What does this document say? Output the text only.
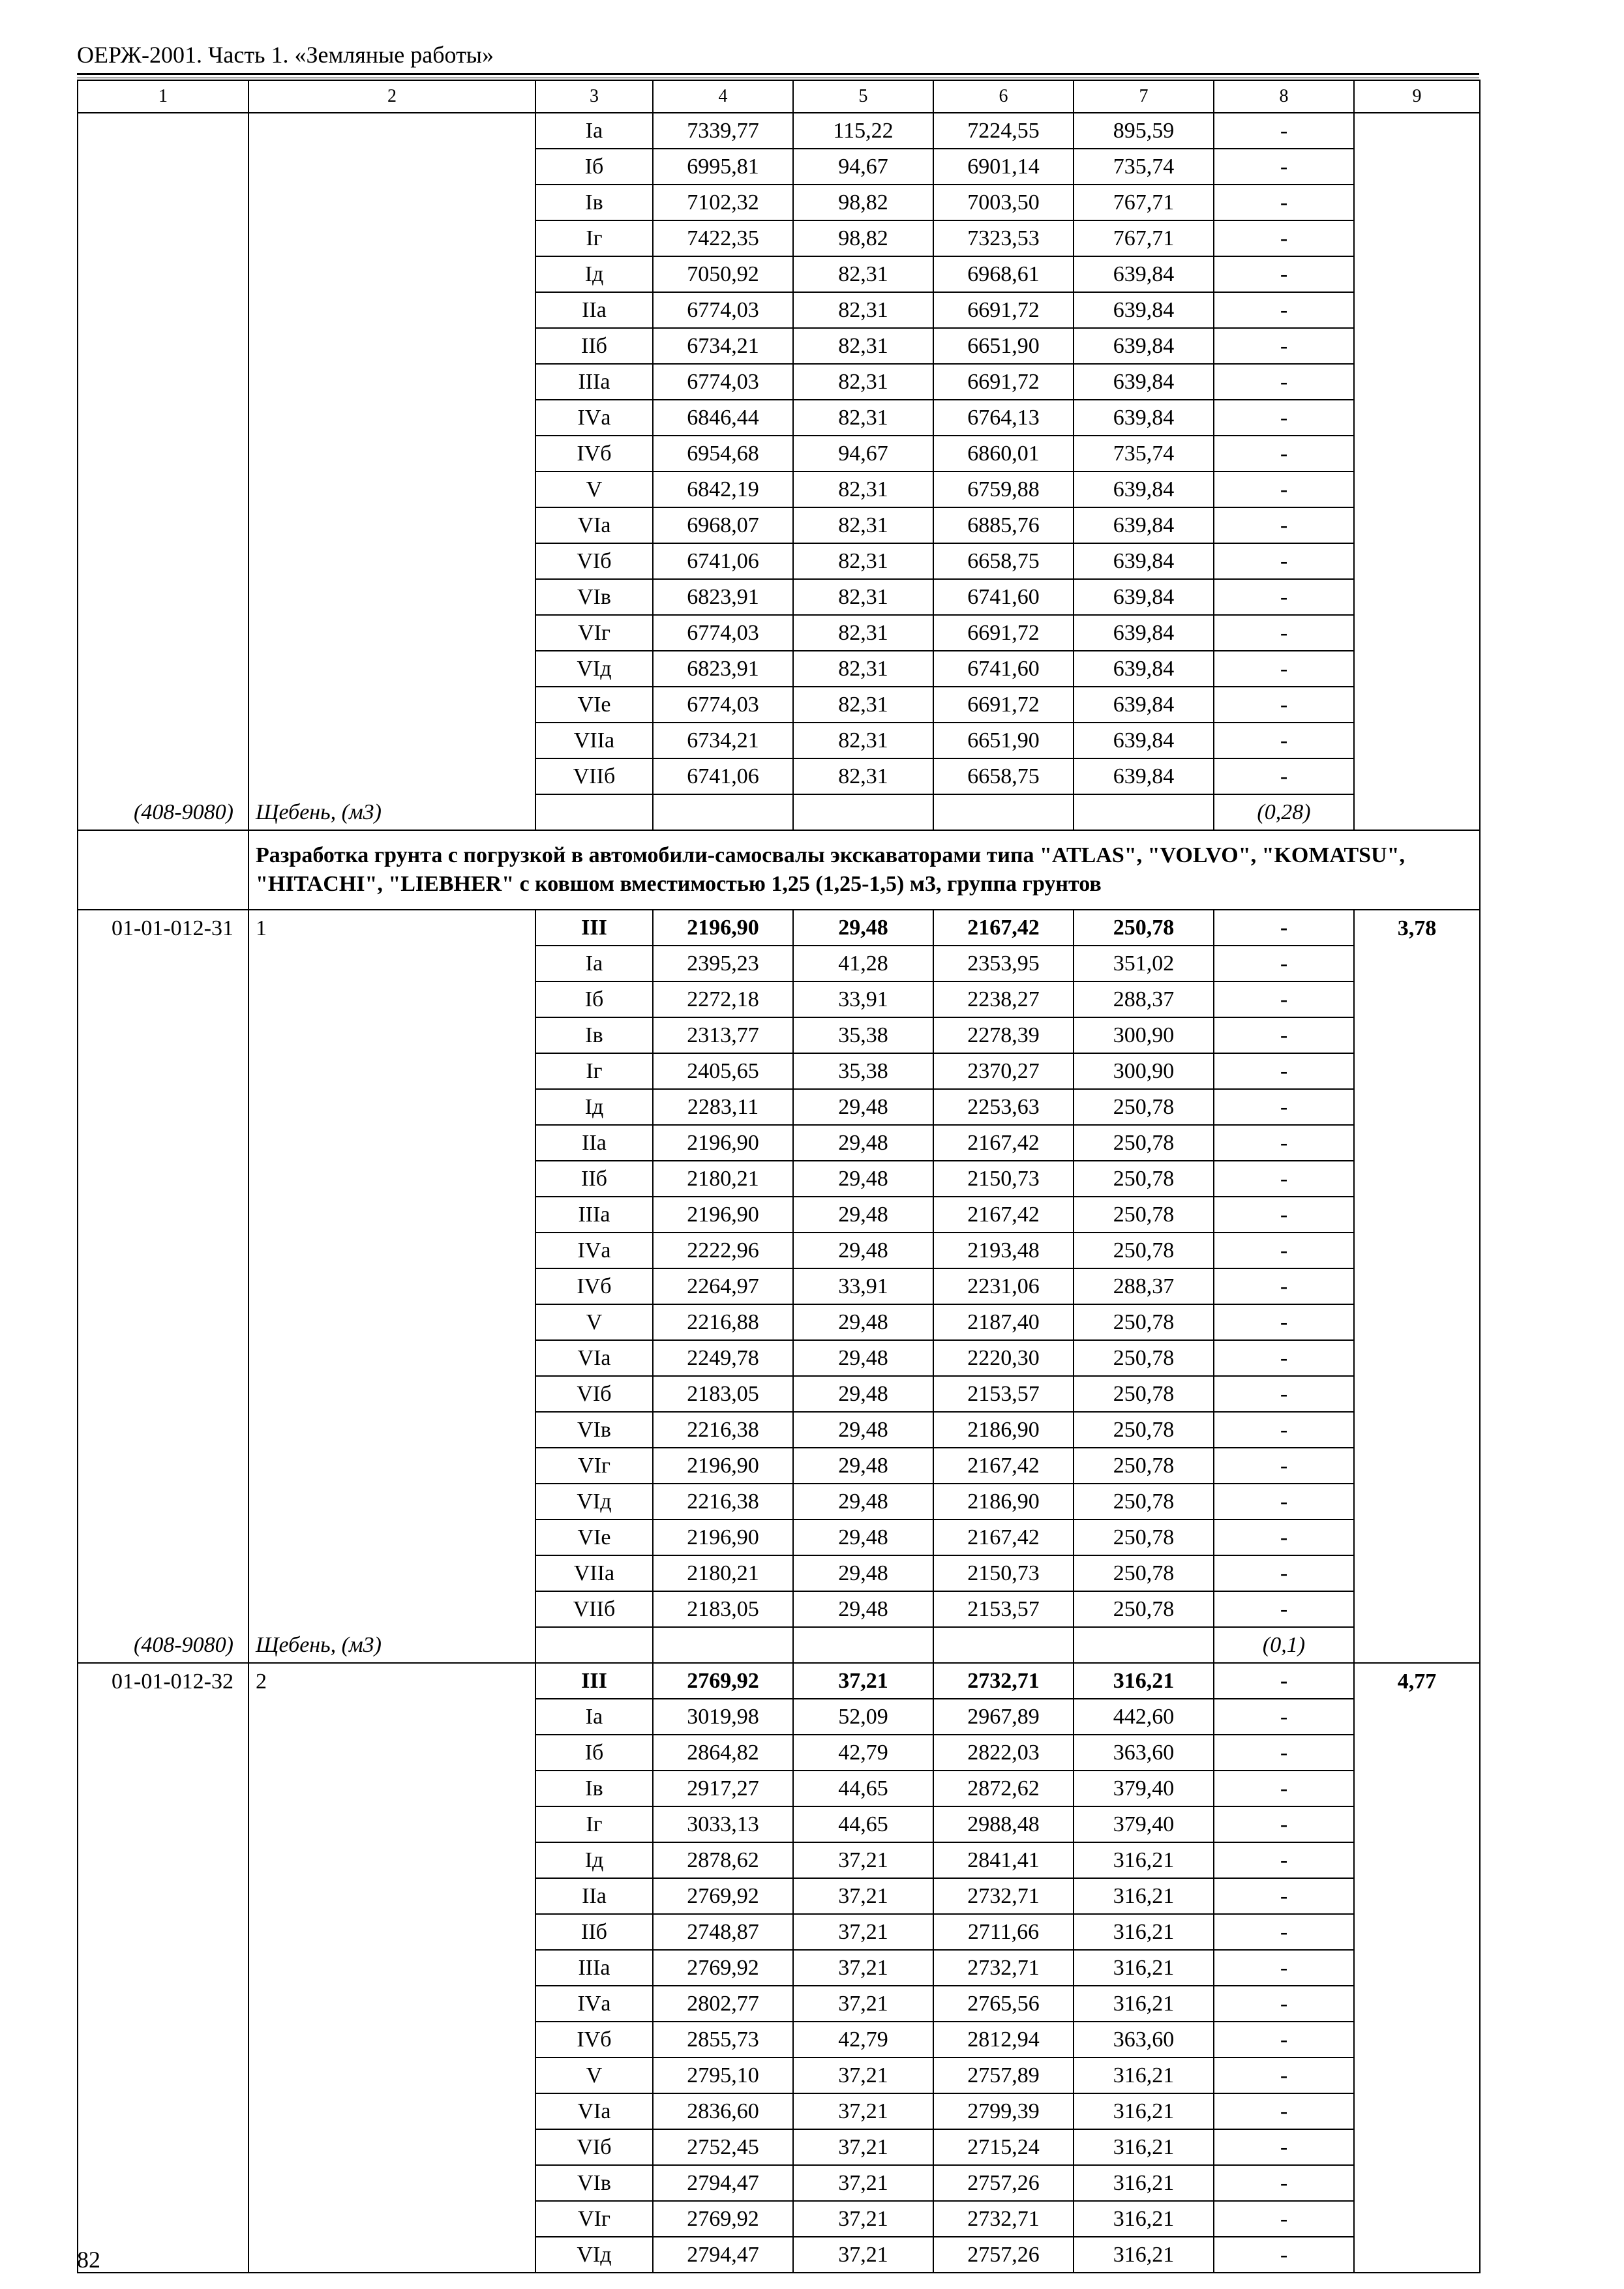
ОЕРЖ-2001. Часть 1. «Земляные работы»
1	2	3	4	5	6	7	8	9
		Iа	7339,77	115,22	7224,55	895,59	-	
		Iб	6995,81	94,67	6901,14	735,74	-	
		Iв	7102,32	98,82	7003,50	767,71	-	
		Iг	7422,35	98,82	7323,53	767,71	-	
		Iд	7050,92	82,31	6968,61	639,84	-	
		IIа	6774,03	82,31	6691,72	639,84	-	
		IIб	6734,21	82,31	6651,90	639,84	-	
		IIIа	6774,03	82,31	6691,72	639,84	-	
		IVа	6846,44	82,31	6764,13	639,84	-	
		IVб	6954,68	94,67	6860,01	735,74	-	
		V	6842,19	82,31	6759,88	639,84	-	
		VIа	6968,07	82,31	6885,76	639,84	-	
		VIб	6741,06	82,31	6658,75	639,84	-	
		VIв	6823,91	82,31	6741,60	639,84	-	
		VIг	6774,03	82,31	6691,72	639,84	-	
		VIд	6823,91	82,31	6741,60	639,84	-	
		VIе	6774,03	82,31	6691,72	639,84	-	
		VIIа	6734,21	82,31	6651,90	639,84	-	
		VIIб	6741,06	82,31	6658,75	639,84	-	
(408-9080)	Щебень, (м3)						(0,28)	
	Разработка грунта с погрузкой в автомобили-самосвалы экскаваторами типа "ATLAS", "VOLVO", "KOMATSU", "HITACHI", "LIEBHER" с ковшом вместимостью 1,25 (1,25-1,5) м3, группа грунтов							
01-01-012-31	1	III	2196,90	29,48	2167,42	250,78	-	3,78
		Iа	2395,23	41,28	2353,95	351,02	-	
		Iб	2272,18	33,91	2238,27	288,37	-	
		Iв	2313,77	35,38	2278,39	300,90	-	
		Iг	2405,65	35,38	2370,27	300,90	-	
		Iд	2283,11	29,48	2253,63	250,78	-	
		IIа	2196,90	29,48	2167,42	250,78	-	
		IIб	2180,21	29,48	2150,73	250,78	-	
		IIIа	2196,90	29,48	2167,42	250,78	-	
		IVа	2222,96	29,48	2193,48	250,78	-	
		IVб	2264,97	33,91	2231,06	288,37	-	
		V	2216,88	29,48	2187,40	250,78	-	
		VIа	2249,78	29,48	2220,30	250,78	-	
		VIб	2183,05	29,48	2153,57	250,78	-	
		VIв	2216,38	29,48	2186,90	250,78	-	
		VIг	2196,90	29,48	2167,42	250,78	-	
		VIд	2216,38	29,48	2186,90	250,78	-	
		VIе	2196,90	29,48	2167,42	250,78	-	
		VIIа	2180,21	29,48	2150,73	250,78	-	
		VIIб	2183,05	29,48	2153,57	250,78	-	
(408-9080)	Щебень, (м3)						(0,1)	
01-01-012-32	2	III	2769,92	37,21	2732,71	316,21	-	4,77
		Iа	3019,98	52,09	2967,89	442,60	-	
		Iб	2864,82	42,79	2822,03	363,60	-	
		Iв	2917,27	44,65	2872,62	379,40	-	
		Iг	3033,13	44,65	2988,48	379,40	-	
		Iд	2878,62	37,21	2841,41	316,21	-	
		IIа	2769,92	37,21	2732,71	316,21	-	
		IIб	2748,87	37,21	2711,66	316,21	-	
		IIIа	2769,92	37,21	2732,71	316,21	-	
		IVа	2802,77	37,21	2765,56	316,21	-	
		IVб	2855,73	42,79	2812,94	363,60	-	
		V	2795,10	37,21	2757,89	316,21	-	
		VIа	2836,60	37,21	2799,39	316,21	-	
		VIб	2752,45	37,21	2715,24	316,21	-	
		VIв	2794,47	37,21	2757,26	316,21	-	
		VIг	2769,92	37,21	2732,71	316,21	-	
		VIд	2794,47	37,21	2757,26	316,21	-	
82
